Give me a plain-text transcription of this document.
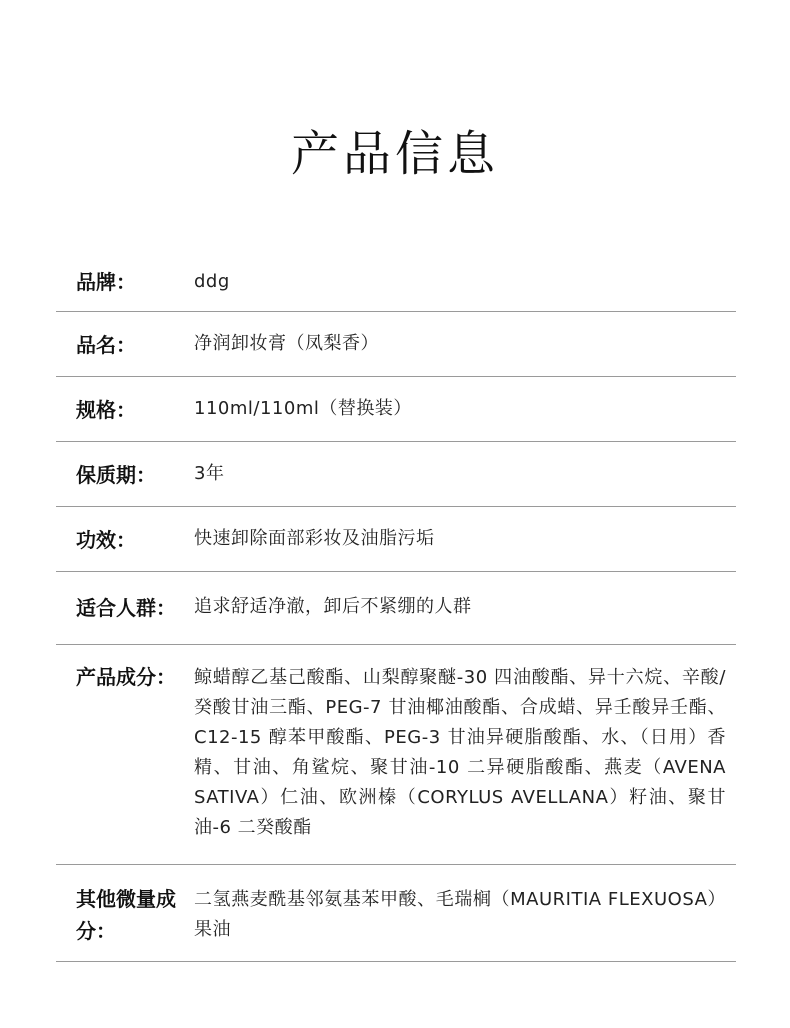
产品信息
品牌：	ddg
品名：	净润卸妆膏（凤梨香）
规格：	110ml/110ml（替换装）
保质期：	3年
功效：	快速卸除面部彩妆及油脂污垢
适合人群：	追求舒适净澈，卸后不紧绷的人群
产品成分：	鲸蜡醇乙基己酸酯、山梨醇聚醚-30 四油酸酯、异十六烷、辛酸/癸酸甘油三酯、PEG-7 甘油椰油酸酯、合成蜡、异壬酸异壬酯、C12-15 醇苯甲酸酯、PEG-3 甘油异硬脂酸酯、水、（日用）香精、甘油、角鲨烷、聚甘油-10 二异硬脂酸酯、燕麦（AVENA SATIVA）仁油、欧洲榛（CORYLUS AVELLANA）籽油、聚甘油-6 二癸酸酯
其他微量成分：
二氢燕麦酰基邻氨基苯甲酸、毛瑞榈（MAURITIA FLEXUOSA）果油
